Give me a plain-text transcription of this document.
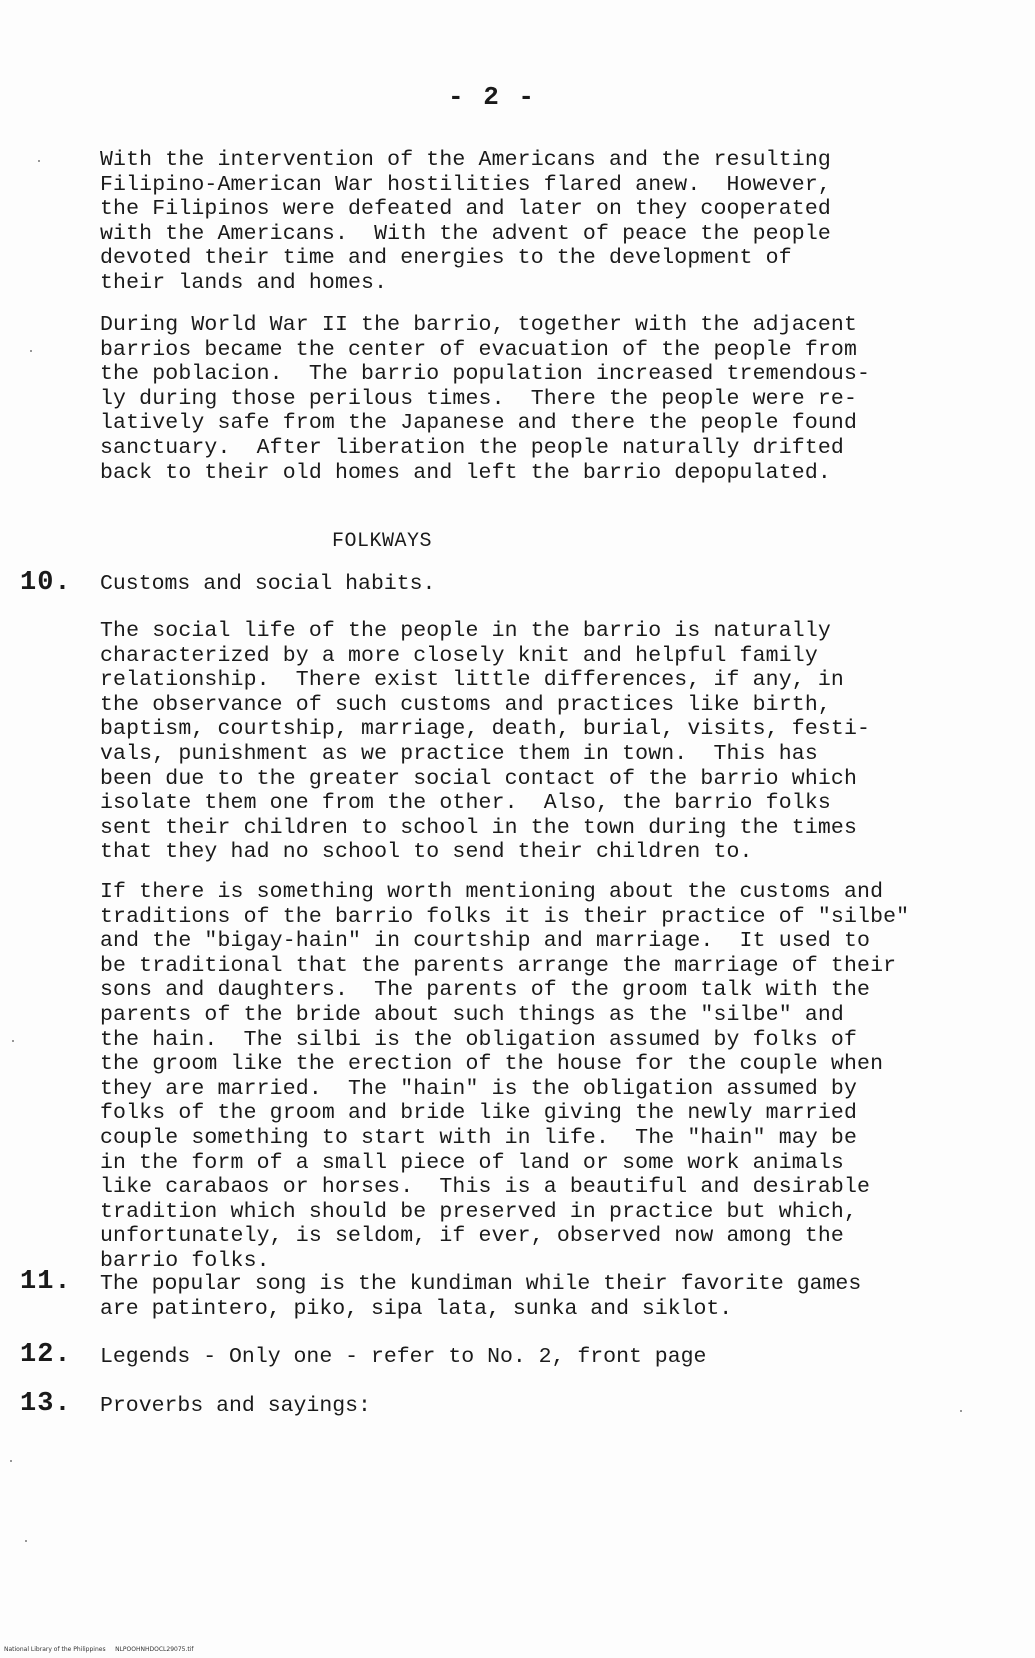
- 2 -
With the intervention of the Americans and the resulting
Filipino-American War hostilities flared anew.  However,
the Filipinos were defeated and later on they cooperated
with the Americans.  With the advent of peace the people
devoted their time and energies to the development of
their lands and homes.
During World War II the barrio, together with the adjacent
barrios became the center of evacuation of the people from
the poblacion.  The barrio population increased tremendous-
ly during those perilous times.  There the people were re-
latively safe from the Japanese and there the people found
sanctuary.  After liberation the people naturally drifted
back to their old homes and left the barrio depopulated.
FOLKWAYS
10. Customs and social habits.
The social life of the people in the barrio is naturally
characterized by a more closely knit and helpful family
relationship.  There exist little differences, if any, in
the observance of such customs and practices like birth,
baptism, courtship, marriage, death, burial, visits, festi-
vals, punishment as we practice them in town.  This has
been due to the greater social contact of the barrio which
isolate them one from the other.  Also, the barrio folks
sent their children to school in the town during the times
that they had no school to send their children to.
If there is something worth mentioning about the customs and
traditions of the barrio folks it is their practice of "silbe"
and the "bigay-hain" in courtship and marriage.  It used to
be traditional that the parents arrange the marriage of their
sons and daughters.  The parents of the groom talk with the
parents of the bride about such things as the "silbe" and
the hain.  The silbi is the obligation assumed by folks of
the groom like the erection of the house for the couple when
they are married.  The "hain" is the obligation assumed by
folks of the groom and bride like giving the newly married
couple something to start with in life.  The "hain" may be
in the form of a small piece of land or some work animals
like carabaos or horses.  This is a beautiful and desirable
tradition which should be preserved in practice but which,
unfortunately, is seldom, if ever, observed now among the
barrio folks.
11. The popular song is the kundiman while their favorite games
are patintero, piko, sipa lata, sunka and siklot.
12. Legends - Only one - refer to No. 2, front page
13. Proverbs and sayings:
National Library of the Philippines     NLPOOHNHDOCL29075.tif
